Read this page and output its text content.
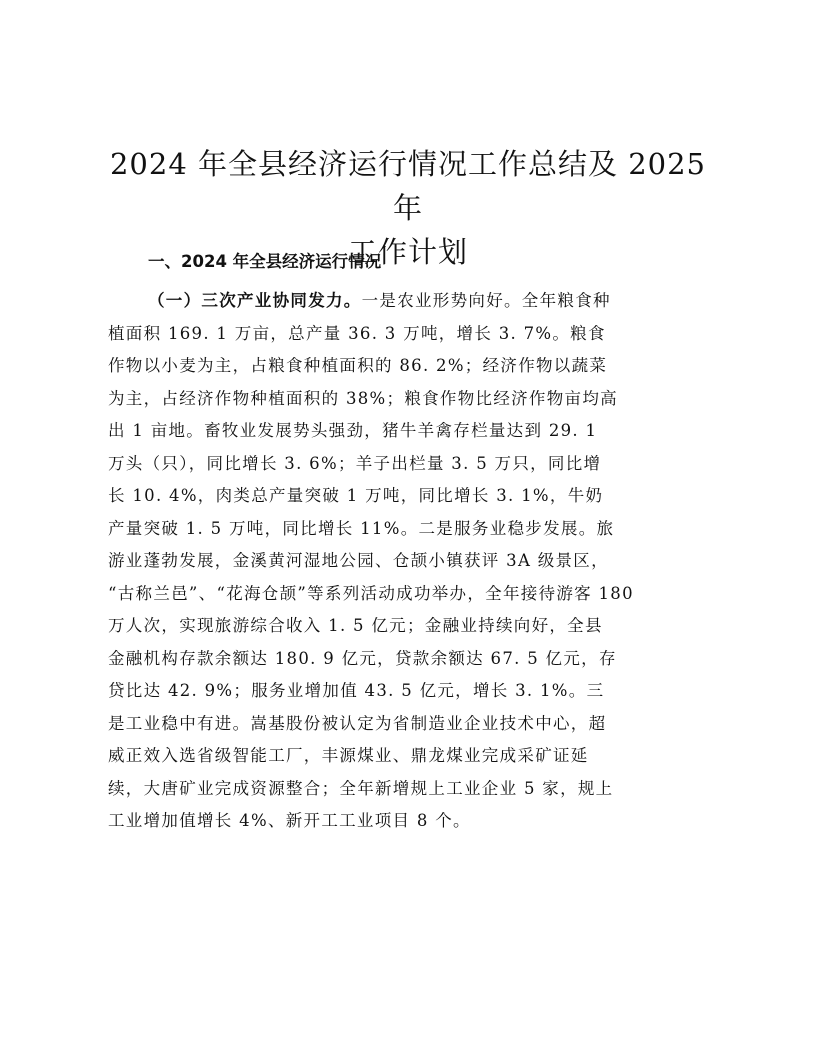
2024 年全县经济运行情况工作总结及 2025 年
工作计划
一、2024 年全县经济运行情况
（一）三次产业协同发力。一是农业形势向好。全年粮食种
植面积 169. 1 万亩，总产量 36. 3 万吨，增长 3. 7%。粮食
作物以小麦为主，占粮食种植面积的 86. 2%；经济作物以蔬菜
为主，占经济作物种植面积的 38%；粮食作物比经济作物亩均高
出 1 亩地。畜牧业发展势头强劲，猪牛羊禽存栏量达到 29. 1
万头（只），同比增长 3. 6%；羊子出栏量 3. 5 万只，同比增
长 10. 4%，肉类总产量突破 1 万吨，同比增长 3. 1%，牛奶
产量突破 1. 5 万吨，同比增长 11%。二是服务业稳步发展。旅
游业蓬勃发展，金溪黄河湿地公园、仓颉小镇获评 3A 级景区，
“古称兰邑”、“花海仓颉”等系列活动成功举办，全年接待游客 180
万人次，实现旅游综合收入 1. 5 亿元；金融业持续向好，全县
金融机构存款余额达 180. 9 亿元，贷款余额达 67. 5 亿元，存
贷比达 42. 9%；服务业增加值 43. 5 亿元，增长 3. 1%。三
是工业稳中有进。嵩基股份被认定为省制造业企业技术中心，超
威正效入选省级智能工厂，丰源煤业、鼎龙煤业完成采矿证延
续，大唐矿业完成资源整合；全年新增规上工业企业 5 家，规上
工业增加值增长 4%、新开工工业项目 8 个。
